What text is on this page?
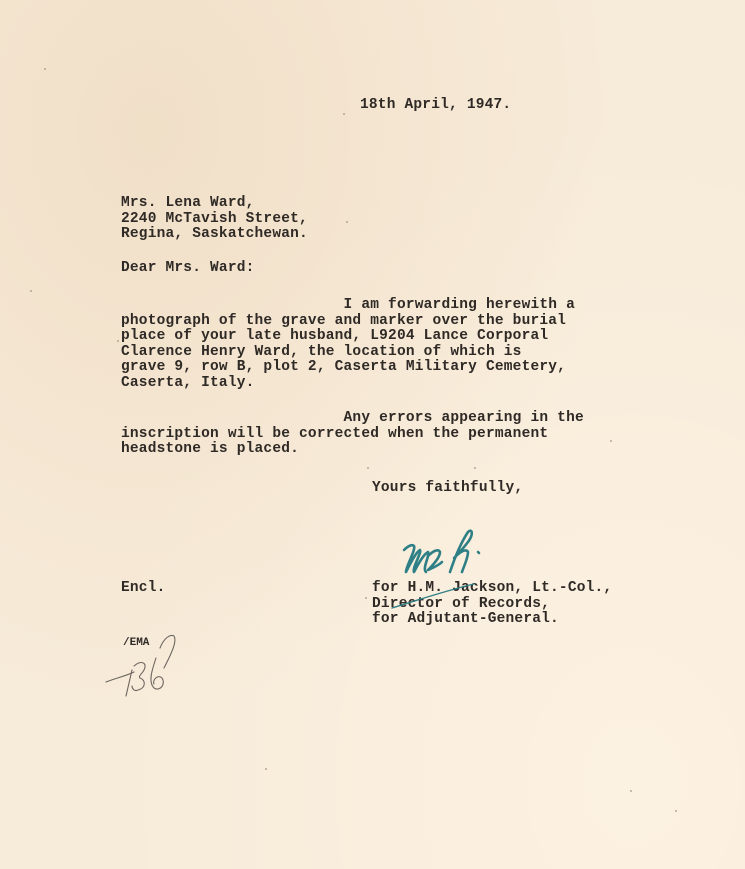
18th April, 1947.
Mrs. Lena Ward,
2240 McTavish Street,
Regina, Saskatchewan.
Dear Mrs. Ward:
I am forwarding herewith a
photograph of the grave and marker over the burial
place of your late husband, L9204 Lance Corporal
Clarence Henry Ward, the location of which is
grave 9, row B, plot 2, Caserta Military Cemetery,
Caserta, Italy.
Any errors appearing in the
inscription will be corrected when the permanent
headstone is placed.
Yours faithfully,
for H.M. Jackson, Lt.-Col.,
Director of Records,
for Adjutant-General.
Encl.
/EMA
